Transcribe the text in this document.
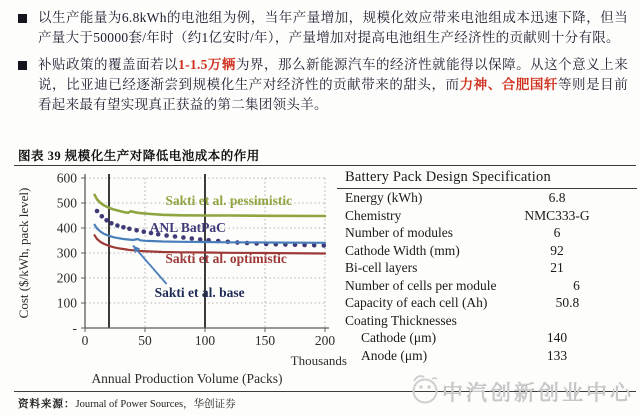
以生产能量为6.8kWh的电池组为例，当年产量增加，规模化效应带来电池组成本迅速下降，但当产量大于50000套/年时（约1亿安时/年），产量增加对提高电池组生产经济性的贡献则十分有限。

补贴政策的覆盖面若以1-1.5万辆为界，那么新能源汽车的经济性就能得以保障。从这个意义上来说，比亚迪已经逐渐尝到规模化生产对经济性的贡献带来的甜头，而力神、合肥国轩等则是目前看起来最有望实现真正获益的第二集团领头羊。

图表 39 规模化生产对降低电池成本的作用
Sakti et al. pessimistic
ANL BatPaC
Sakti et al. base
Sakti et al. optimistic
-
100
200
300
400
500
600
0	50	100	150	200
Thousands
Annual Production Volume (Packs)
Cost ($/kWh, pack level)
Battery Pack Design Specification
Energy (kWh)	6.8
Chemistry	NMC333-G
Number of modules	6
Cathode Width (mm)	92
Bi-cell layers	21
Number of cells per module	6
Capacity of each cell (Ah)	50.8
Coating Thicknesses
Cathode (μm)	140
Anode (μm)	133
资料来源：Journal of Power Sources，华创证券	中汽创新创业中心
